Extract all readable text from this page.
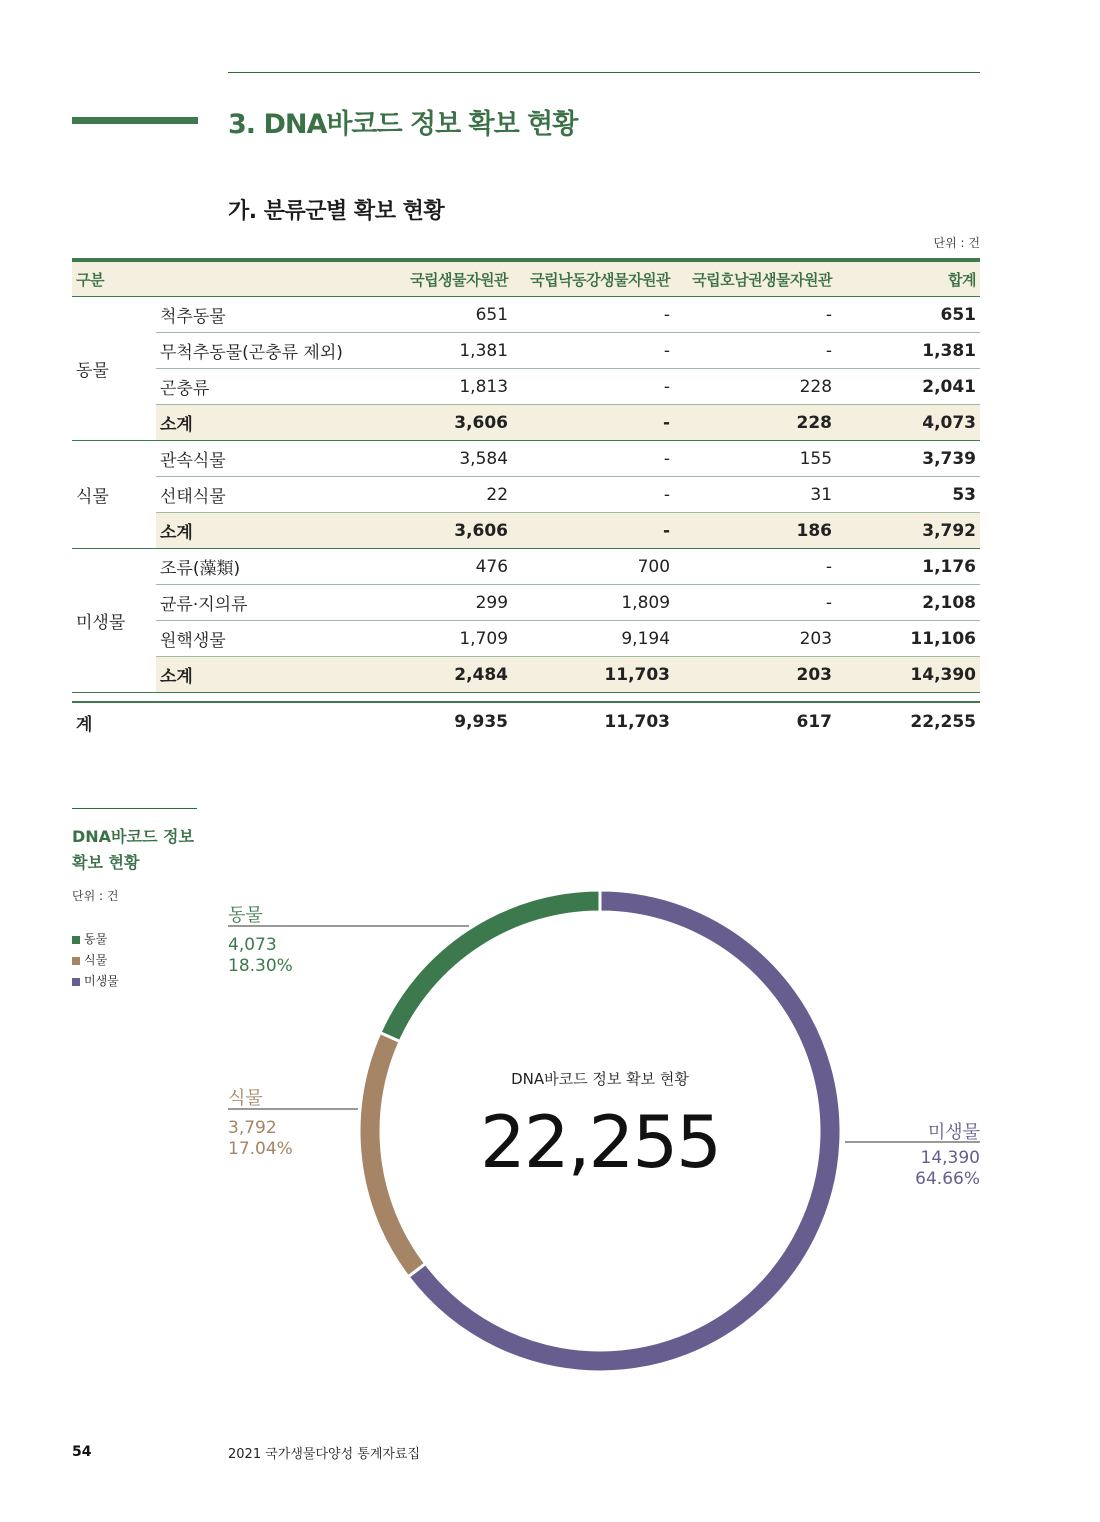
3. DNA바코드 정보 확보 현황
가. 분류군별 확보 현황
단위 : 건
구분		국립생물자원관	국립낙동강생물자원관	국립호남권생물자원관	합계
동물	척추동물	651	-	-	651
	무척추동물(곤충류 제외)	1,381	-	-	1,381
	곤충류	1,813	-	228	2,041
	소계	3,606	-	228	4,073
식물	관속식물	3,584	-	155	3,739
	선태식물	22	-	31	53
	소계	3,606	-	186	3,792
미생물	조류(藻類)	476	700	-	1,176
	균류·지의류	299	1,809	-	2,108
	원핵생물	1,709	9,194	203	11,106
	소계	2,484	11,703	203	14,390

계		9,935	11,703	617	22,255
DNA바코드 정보
확보 현황
단위 : 건
동물
식물
미생물
동물
4,073
18.30%
식물
3,792
17.04%
미생물
14,390
64.66%
DNA바코드 정보 확보 현황
22,255
54	2021 국가생물다양성 통계자료집
